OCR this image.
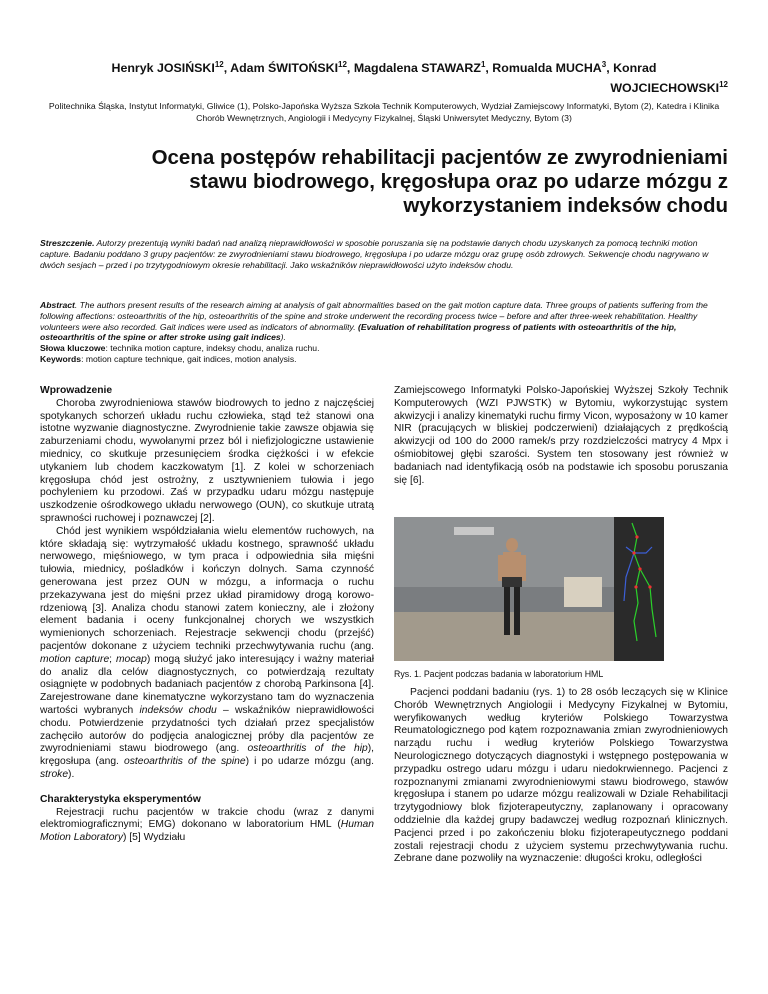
Henryk JOSIŃSKI$^{12}$, Adam ŚWITOŃSKI$^{12}$, Magdalena STAWARZ$^1$, Romualda MUCHA$^3$, Konrad
WOJCIECHOWSKI$^{12}$
Politechnika Śląska, Instytut Informatyki, Gliwice (1), Polsko-Japońska Wyższa Szkoła Technik Komputerowych, Wydział Zamiejscowy Informatyki, Bytom (2), Katedra i Klinika Chorób Wewnętrznych, Angiologii i Medycyny Fizykalnej, Śląski Uniwersytet Medyczny, Bytom (3)
Ocena postępów rehabilitacji pacjentów ze zwyrodnieniami stawu biodrowego, kręgosłupa oraz po udarze mózgu z wykorzystaniem indeksów chodu
Streszczenie. Autorzy prezentują wyniki badań nad analizą nieprawidłowości w sposobie poruszania się na podstawie danych chodu uzyskanych za pomocą techniki motion capture. Badaniu poddano 3 grupy pacjentów: ze zwyrodnieniami stawu biodrowego, kręgosłupa i po udarze mózgu oraz grupę osób zdrowych. Sekwencje chodu nagrywano w dwóch sesjach – przed i po trzytygodniowym okresie rehabilitacji. Jako wskaźników nieprawidłowości użyto indeksów chodu.
Abstract. The authors present results of the research aiming at analysis of gait abnormalities based on the gait motion capture data. Three groups of patients suffering from the following affections: osteoarthritis of the hip, osteoarthritis of the spine and stroke underwent the recording process twice – before and after three-week rehabilitation. Healthy volunteers were also recorded. Gait indices were used as indicators of abnormality. (Evaluation of rehabilitation progress of patients with osteoarthritis of the hip, osteoarthritis of the spine or after stroke using gait indices).
Słowa kluczowe: technika motion capture, indeksy chodu, analiza ruchu.
Keywords: motion capture technique, gait indices, motion analysis.
Wprowadzenie

Choroba zwyrodnieniowa stawów biodrowych to jedno z najczęściej spotykanych schorzeń układu ruchu człowieka, stąd też stanowi ona istotne wyzwanie diagnostyczne. Zwyrodnienie takie zawsze objawia się zaburzeniami chodu, wywołanymi przez ból i niefizjologiczne ustawienie miednicy, co skutkuje przesunięciem środka ciężkości i w efekcie utykaniem lub chodem kaczkowatym [1]. Z kolei w schorzeniach kręgosłupa chód jest ostrożny, z usztywnieniem tułowia i jego pochyleniem ku przodowi. Zaś w przypadku udaru mózgu następuje uszkodzenie ośrodkowego układu nerwowego (OUN), co skutkuje utratą sprawności ruchowej i poznawczej [2].

Chód jest wynikiem współdziałania wielu elementów ruchowych, na które składają się: wytrzymałość układu kostnego, sprawność układu nerwowego, mięśniowego, w tym praca i odpowiednia siła mięśni tułowia, miednicy, pośladków i kończyn dolnych. Sama czynność generowana jest przez OUN w mózgu, a informacja o ruchu przekazywana jest do mięśni przez układ piramidowy drogą korowo-rdzeniową [3]. Analiza chodu stanowi zatem konieczny, ale i złożony element badania i oceny funkcjonalnej chorych we wszystkich wymienionych schorzeniach. Rejestracje sekwencji chodu (przejść) pacjentów dokonane z użyciem techniki przechwytywania ruchu (ang. motion capture; mocap) mogą służyć jako interesujący i ważny materiał do analiz dla celów diagnostycznych, co potwierdzają rezultaty osiągnięte w podobnych badaniach pacjentów z chorobą Parkinsona [4]. Zarejestrowane dane kinematyczne wykorzystano tam do wyznaczenia wartości wybranych indeksów chodu – wskaźników nieprawidłowości chodu. Potwierdzenie przydatności tych działań przez specjalistów zachęciło autorów do podjęcia analogicznej próby dla pacjentów ze zwyrodnieniami stawu biodrowego (ang. osteoarthritis of the hip), kręgosłupa (ang. osteoarthritis of the spine) i po udarze mózgu (ang. stroke).

Charakterystyka eksperymentów

Rejestracji ruchu pacjentów w trakcie chodu (wraz z danymi elektromiograficznymi; EMG) dokonano w laboratorium HML (Human Motion Laboratory) [5] Wydziału

Zamiejscowego Informatyki Polsko-Japońskiej Wyższej Szkoły Technik Komputerowych (WZI PJWSTK) w Bytomiu, wykorzystując system akwizycji i analizy kinematyki ruchu firmy Vicon, wyposażony w 10 kamer NIR (pracujących w bliskiej podczerwieni) działających z prędkością akwizycji od 100 do 2000 ramek/s przy rozdzielczości matrycy 4 Mpx i ośmiobitowej głębi szarości. System ten stosowany jest również w badaniach nad identyfikacją osób na podstawie ich sposobu poruszania się [6].

Rys. 1. Pacjent podczas badania w laboratorium HML

Pacjenci poddani badaniu (rys. 1) to 28 osób leczących się w Klinice Chorób Wewnętrznych Angiologii i Medycyny Fizykalnej w Bytomiu, weryfikowanych według kryteriów Polskiego Towarzystwa Reumatologicznego pod kątem rozpoznawania zmian zwyrodnieniowych narządu ruchu i według kryteriów Polskiego Towarzystwa Neurologicznego dotyczących diagnostyki i wstępnego postępowania w przypadku ostrego udaru mózgu i udaru niedokrwiennego. Pacjenci z rozpoznanymi zmianami zwyrodnieniowymi stawu biodrowego, stawów kręgosłupa i stanem po udarze mózgu realizowali w Dziale Rehabilitacji trzytygodniowy blok fizjoterapeutyczny, zaplanowany i opracowany oddzielnie dla każdej grupy badawczej według rozpoznań klinicznych. Pacjenci przed i po zakończeniu bloku fizjoterapeutycznego poddani zostali rejestracji chodu z użyciem systemu przechwytywania ruchu. Zebrane dane pozwoliły na wyznaczenie: długości kroku, odległości
